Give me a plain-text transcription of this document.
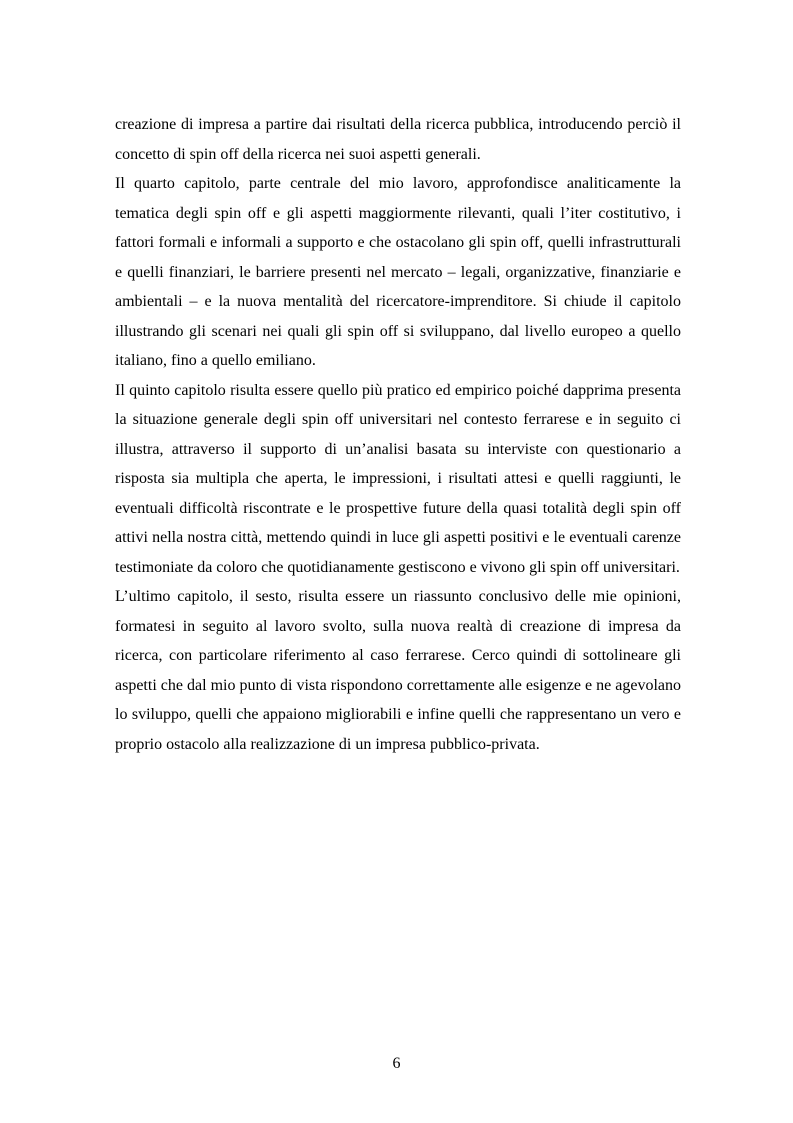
creazione di impresa a partire dai risultati della ricerca pubblica, introducendo perciò il concetto di spin off della ricerca nei suoi aspetti generali.

Il quarto capitolo, parte centrale del mio lavoro, approfondisce analiticamente la tematica degli spin off e gli aspetti maggiormente rilevanti, quali l’iter costitutivo, i fattori formali e informali a supporto e che ostacolano gli spin off, quelli infrastrutturali e quelli finanziari, le barriere presenti nel mercato – legali, organizzative, finanziarie e ambientali – e la nuova mentalità del ricercatore-imprenditore. Si chiude il capitolo illustrando gli scenari nei quali gli spin off si sviluppano, dal livello europeo a quello italiano, fino a quello emiliano.

Il quinto capitolo risulta essere quello più pratico ed empirico poiché dapprima presenta la situazione generale degli spin off universitari nel contesto ferrarese e in seguito ci illustra, attraverso il supporto di un’analisi basata su interviste con questionario a risposta sia multipla che aperta, le impressioni, i risultati attesi e quelli raggiunti, le eventuali difficoltà riscontrate e le prospettive future della quasi totalità degli spin off attivi nella nostra città, mettendo quindi in luce gli aspetti positivi e le eventuali carenze testimoniate da coloro che quotidianamente gestiscono e vivono gli spin off universitari.

L’ultimo capitolo, il sesto, risulta essere un riassunto conclusivo delle mie opinioni, formatesi in seguito al lavoro svolto, sulla nuova realtà di creazione di impresa da ricerca, con particolare riferimento al caso ferrarese. Cerco quindi di sottolineare gli aspetti che dal mio punto di vista rispondono correttamente alle esigenze e ne agevolano lo sviluppo, quelli che appaiono migliorabili e infine quelli che rappresentano un vero e proprio ostacolo alla realizzazione di un impresa pubblico-privata.

6
